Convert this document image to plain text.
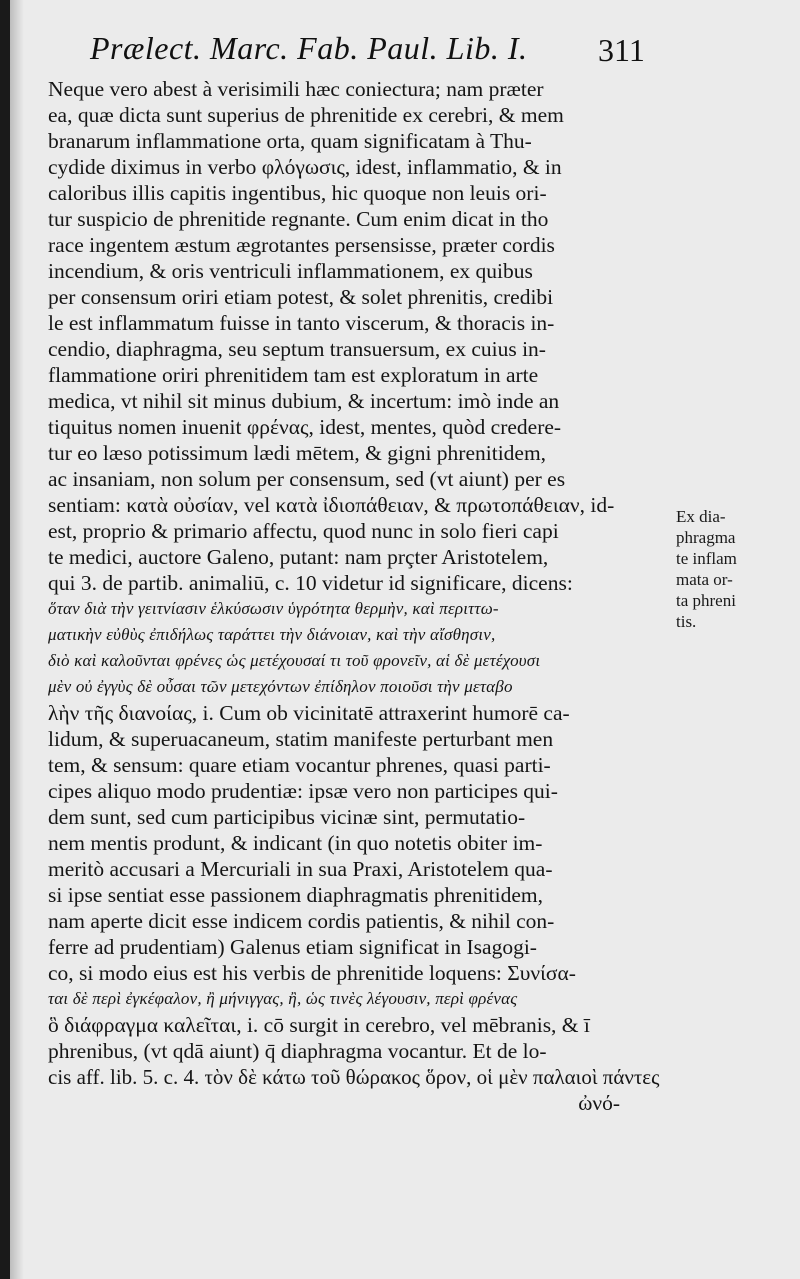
Prælect. Marc. Fab. Paul. Lib. I. 311
Neque vero abest à verisimili hæc coniectura; nam præter
ea, quæ dicta sunt superius de phrenitide ex cerebri, & mem
branarum inflammatione orta, quam significatam à Thu-
cydide diximus in verbo φλόγωσις, idest, inflammatio, & in
caloribus illis capitis ingentibus, hic quoque non leuis ori-
tur suspicio de phrenitide regnante. Cum enim dicat in tho
race ingentem æstum ægrotantes persensisse, præter cordis
incendium, & oris ventriculi inflammationem, ex quibus
per consensum oriri etiam potest, & solet phrenitis, credibi
le est inflammatum fuisse in tanto viscerum, & thoracis in-
cendio, diaphragma, seu septum transuersum, ex cuius in-
flammatione oriri phrenitidem tam est exploratum in arte
medica, vt nihil sit minus dubium, & incertum: imò inde an
tiquitus nomen inuenit φρένας, idest, mentes, quòd credere-
tur eo læso potissimum lædi mētem, & gigni phrenitidem,
ac insaniam, non solum per consensum, sed (vt aiunt) per es
sentiam: κατὰ οὐσίαν, vel κατὰ ἰδιοπάθειαν, & πρωτοπάθειαν, id-
est, proprio & primario affectu, quod nunc in solo fieri capi
te medici, auctore Galeno, putant: nam prçter Aristotelem,
qui 3. de partib. animaliū, c. 10 videtur id significare, dicens:
ὅταν διὰ τὴν γειτνίασιν ἑλκύσωσιν ὑγρότητα θερμὴν, καὶ περιττω-
ματικὴν εὐθὺς ἐπιδήλως ταράττει τὴν διάνοιαν, καὶ τὴν αἴσθησιν,
διὸ καὶ καλοῦνται φρένες ὡς μετέχουσαί τι τοῦ φρονεῖν, αἱ δὲ μετέχουσι
μὲν οὐ ἐγγὺς δὲ οὖσαι τῶν μετεχόντων ἐπίδηλον ποιοῦσι τὴν μεταβο
λὴν τῆς διανοίας, i. Cum ob vicinitatē attraxerint humorē ca-
lidum, & superuacaneum, statim manifeste perturbant men
tem, & sensum: quare etiam vocantur phrenes, quasi parti-
cipes aliquo modo prudentiæ: ipsæ vero non participes qui-
dem sunt, sed cum participibus vicinæ sint, permutatio-
nem mentis produnt, & indicant (in quo notetis obiter im-
meritò accusari a Mercuriali in sua Praxi, Aristotelem qua-
si ipse sentiat esse passionem diaphragmatis phrenitidem,
nam aperte dicit esse indicem cordis patientis, & nihil con-
ferre ad prudentiam) Galenus etiam significat in Isagogi-
co, si modo eius est his verbis de phrenitide loquens: Συνίσα-
ται δὲ περὶ ἐγκέφαλον, ἢ μήνιγγας, ἢ, ὡς τινὲς λέγουσιν, περὶ φρένας
ὃ διάφραγμα καλεῖται, i. cō surgit in cerebro, vel mēbranis, & ī
phrenibus, (vt qdā aiunt) q̄ diaphragma vocantur. Et de lo-
cis aff. lib. 5. c. 4. τὸν δὲ κάτω τοῦ θώρακος ὅρον, οἱ μὲν παλαιοὶ πάντες
ὠνό-
Ex dia-
phragma
te inflam
mata or-
ta phreni
tis.
